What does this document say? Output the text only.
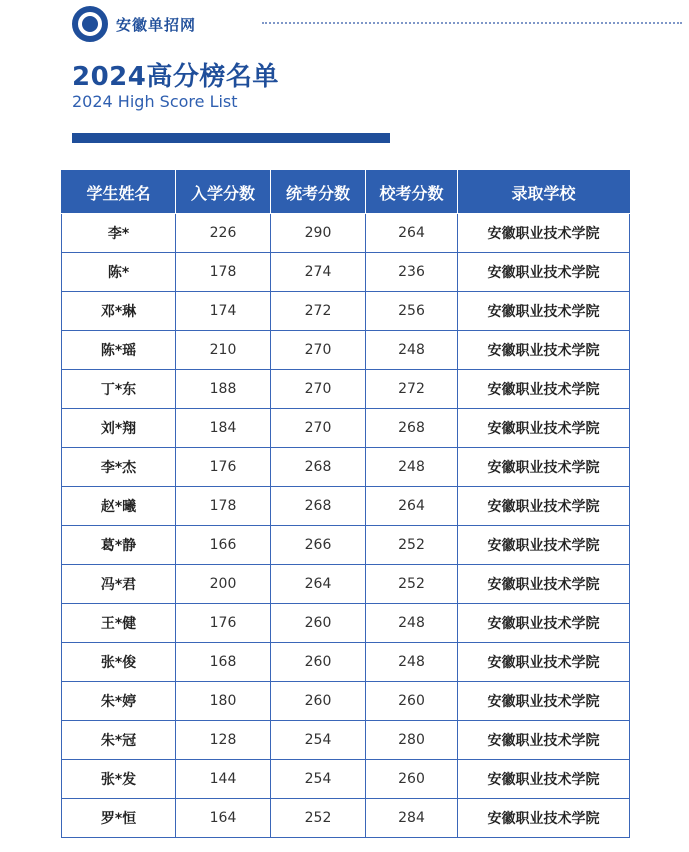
安徽单招网
2024高分榜名单

2024 High Score List

学生姓名	入学分数	统考分数	校考分数	录取学校
李*	226	290	264	安徽职业技术学院
陈*	178	274	236	安徽职业技术学院
邓*琳	174	272	256	安徽职业技术学院
陈*瑶	210	270	248	安徽职业技术学院
丁*东	188	270	272	安徽职业技术学院
刘*翔	184	270	268	安徽职业技术学院
李*杰	176	268	248	安徽职业技术学院
赵*曦	178	268	264	安徽职业技术学院
葛*静	166	266	252	安徽职业技术学院
冯*君	200	264	252	安徽职业技术学院
王*健	176	260	248	安徽职业技术学院
张*俊	168	260	248	安徽职业技术学院
朱*婷	180	260	260	安徽职业技术学院
朱*冠	128	254	280	安徽职业技术学院
张*发	144	254	260	安徽职业技术学院
罗*恒	164	252	284	安徽职业技术学院
